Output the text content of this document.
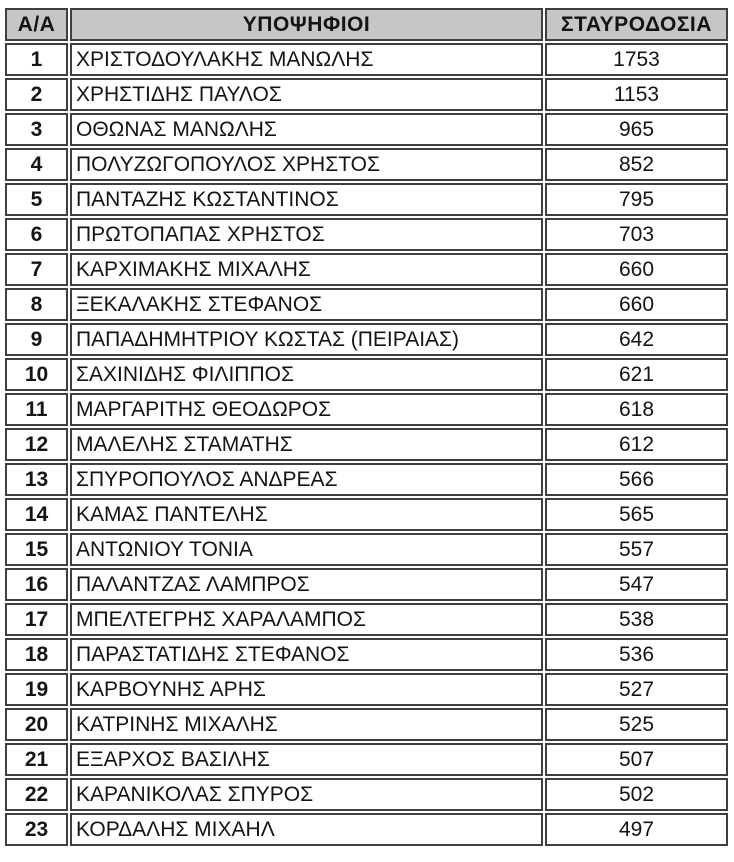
Α/Α	ΥΠΟΨΗΦΙΟΙ	ΣΤΑΥΡΟΔΟΣΙΑ
1	ΧΡΙΣΤΟΔΟΥΛΑΚΗΣ ΜΑΝΩΛΗΣ	1753
2	ΧΡΗΣΤΙΔΗΣ ΠΑΥΛΟΣ	1153
3	ΟΘΩΝΑΣ ΜΑΝΩΛΗΣ	965
4	ΠΟΛΥΖΩΓΟΠΟΥΛΟΣ ΧΡΗΣΤΟΣ	852
5	ΠΑΝΤΑΖΗΣ ΚΩΣΤΑΝΤΙΝΟΣ	795
6	ΠΡΩΤΟΠΑΠΑΣ ΧΡΗΣΤΟΣ	703
7	ΚΑΡΧΙΜΑΚΗΣ ΜΙΧΑΛΗΣ	660
8	ΞΕΚΑΛΑΚΗΣ ΣΤΕΦΑΝΟΣ	660
9	ΠΑΠΑΔΗΜΗΤΡΙΟΥ ΚΩΣΤΑΣ (ΠΕΙΡΑΙΑΣ)	642
10	ΣΑΧΙΝΙΔΗΣ ΦΙΛΙΠΠΟΣ	621
11	ΜΑΡΓΑΡΙΤΗΣ ΘΕΟΔΩΡΟΣ	618
12	ΜΑΛΕΛΗΣ ΣΤΑΜΑΤΗΣ	612
13	ΣΠΥΡΟΠΟΥΛΟΣ ΑΝΔΡΕΑΣ	566
14	ΚΑΜΑΣ ΠΑΝΤΕΛΗΣ	565
15	ΑΝΤΩΝΙΟΥ ΤΟΝΙΑ	557
16	ΠΑΛΑΝΤΖΑΣ ΛΑΜΠΡΟΣ	547
17	ΜΠΕΛΤΕΓΡΗΣ ΧΑΡΑΛΑΜΠΟΣ	538
18	ΠΑΡΑΣΤΑΤΙΔΗΣ ΣΤΕΦΑΝΟΣ	536
19	ΚΑΡΒΟΥΝΗΣ ΑΡΗΣ	527
20	ΚΑΤΡΙΝΗΣ ΜΙΧΑΛΗΣ	525
21	ΕΞΑΡΧΟΣ ΒΑΣΙΛΗΣ	507
22	ΚΑΡΑΝΙΚΟΛΑΣ ΣΠΥΡΟΣ	502
23	ΚΟΡΔΑΛΗΣ ΜΙΧΑΗΛ	497
